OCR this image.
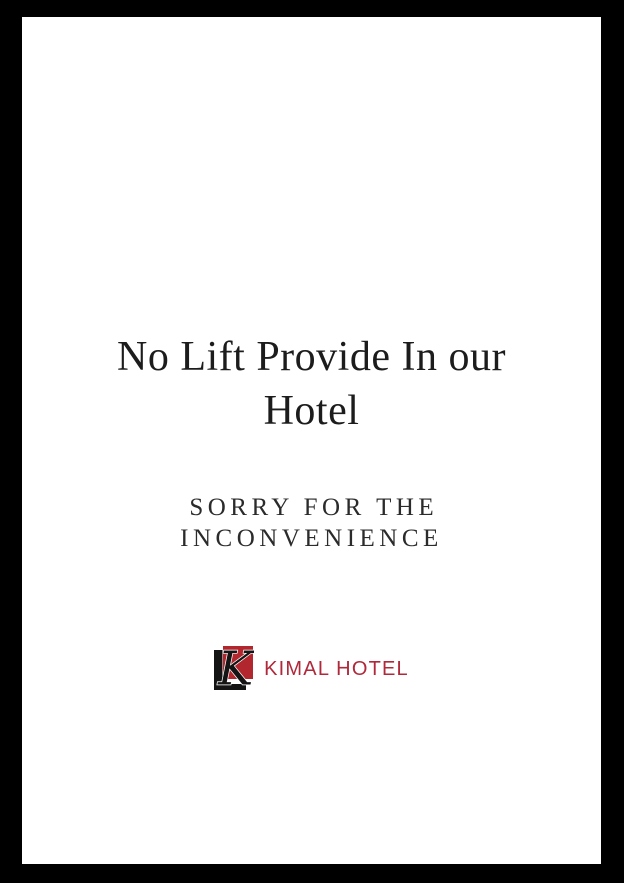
No Lift Provide In our
Hotel

SORRY FOR THE
INCONVENIENCE

K KIMAL HOTEL
